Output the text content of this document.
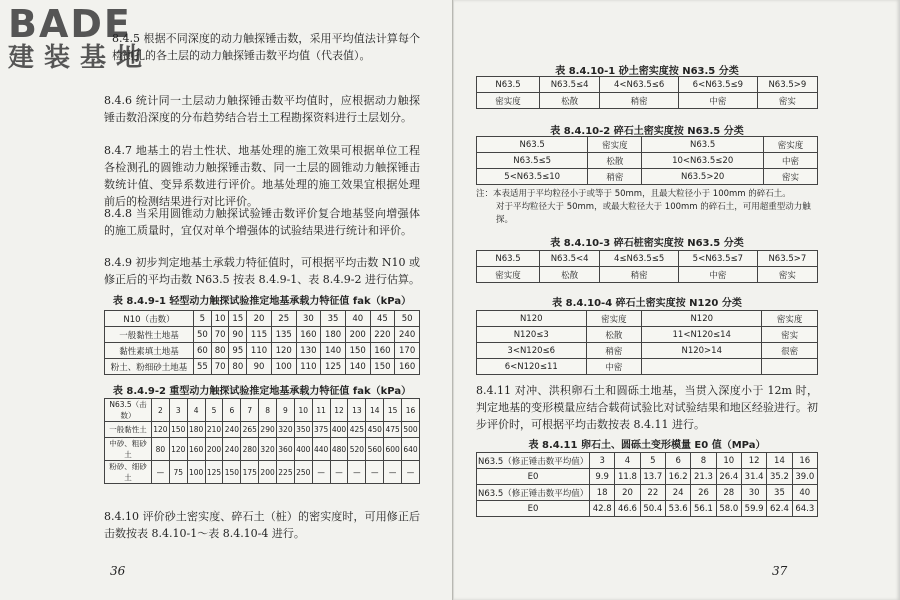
BADE
建装基地
8.4.5 根据不同深度的动力触探锤击数，采用平均值法计算每个检测孔的各土层的动力触探锤击数平均值（代表值）。
8.4.6 统计同一土层动力触探锤击数平均值时，应根据动力触探锤击数沿深度的分布趋势结合岩土工程勘探资料进行土层划分。
8.4.7 地基土的岩土性状、地基处理的施工效果可根据单位工程各检测孔的圆锥动力触探锤击数、同一土层的圆锥动力触探锤击数统计值、变异系数进行评价。地基处理的施工效果宜根据处理前后的检测结果进行对比评价。
8.4.8 当采用圆锥动力触探试验锤击数评价复合地基竖向增强体的施工质量时，宜仅对单个增强体的试验结果进行统计和评价。
8.4.9 初步判定地基土承载力特征值时，可根据平均击数 N10 或修正后的平均击数 N63.5 按表 8.4.9-1、表 8.4.9-2 进行估算。
表 8.4.9-1 轻型动力触探试验推定地基承载力特征值 fak（kPa）
N10（击数）	5	10	15	20	25	30	35	40	45	50
一般黏性土地基	50	70	90	115	135	160	180	200	220	240
黏性素填土地基	60	80	95	110	120	130	140	150	160	170
粉土、粉细砂土地基	55	70	80	90	100	110	125	140	150	160
表 8.4.9-2 重型动力触探试验推定地基承载力特征值 fak（kPa）
N63.5（击数）	2	3	4	5	6	7	8	9	10	11	12	13	14	15	16
一般黏性土	120	150	180	210	240	265	290	320	350	375	400	425	450	475	500
中砂、粗砂土	80	120	160	200	240	280	320	360	400	440	480	520	560	600	640
粉砂、细砂土	—	75	100	125	150	175	200	225	250	—	—	—	—	—	—
8.4.10 评价砂土密实度、碎石土（桩）的密实度时，可用修正后击数按表 8.4.10-1～表 8.4.10-4 进行。
36
表 8.4.10-1 砂土密实度按 N63.5 分类
N63.5	N63.5≤4	4<N63.5≤6	6<N63.5≤9	N63.5>9
密实度	松散	稍密	中密	密实
表 8.4.10-2 碎石土密实度按 N63.5 分类
N63.5	密实度	N63.5	密实度
N63.5≤5	松散	10<N63.5≤20	中密
5<N63.5≤10	稍密	N63.5>20	密实
注：本表适用于平均粒径小于或等于 50mm，且最大粒径小于 100mm 的碎石土。
对于平均粒径大于 50mm，或最大粒径大于 100mm 的碎石土，可用超重型动力触探。
表 8.4.10-3 碎石桩密实度按 N63.5 分类
N63.5	N63.5<4	4≤N63.5≤5	5<N63.5≤7	N63.5>7
密实度	松散	稍密	中密	密实
表 8.4.10-4 碎石土密实度按 N120 分类
N120	密实度	N120	密实度
N120≤3	松散	11<N120≤14	密实
3<N120≤6	稍密	N120>14	很密
6<N120≤11	中密		
8.4.11 对冲、洪积卵石土和圆砾土地基，当贯入深度小于 12m 时，判定地基的变形模量应结合载荷试验比对试验结果和地区经验进行。初步评价时，可根据平均击数按表 8.4.11 进行。
表 8.4.11 卵石土、圆砾土变形模量 E0 值（MPa）
N63.5（修正锤击数平均值）	3	4	5	6	8	10	12	14	16
E0	9.9	11.8	13.7	16.2	21.3	26.4	31.4	35.2	39.0
N63.5（修正锤击数平均值）	18	20	22	24	26	28	30	35	40
E0	42.8	46.6	50.4	53.6	56.1	58.0	59.9	62.4	64.3
37
